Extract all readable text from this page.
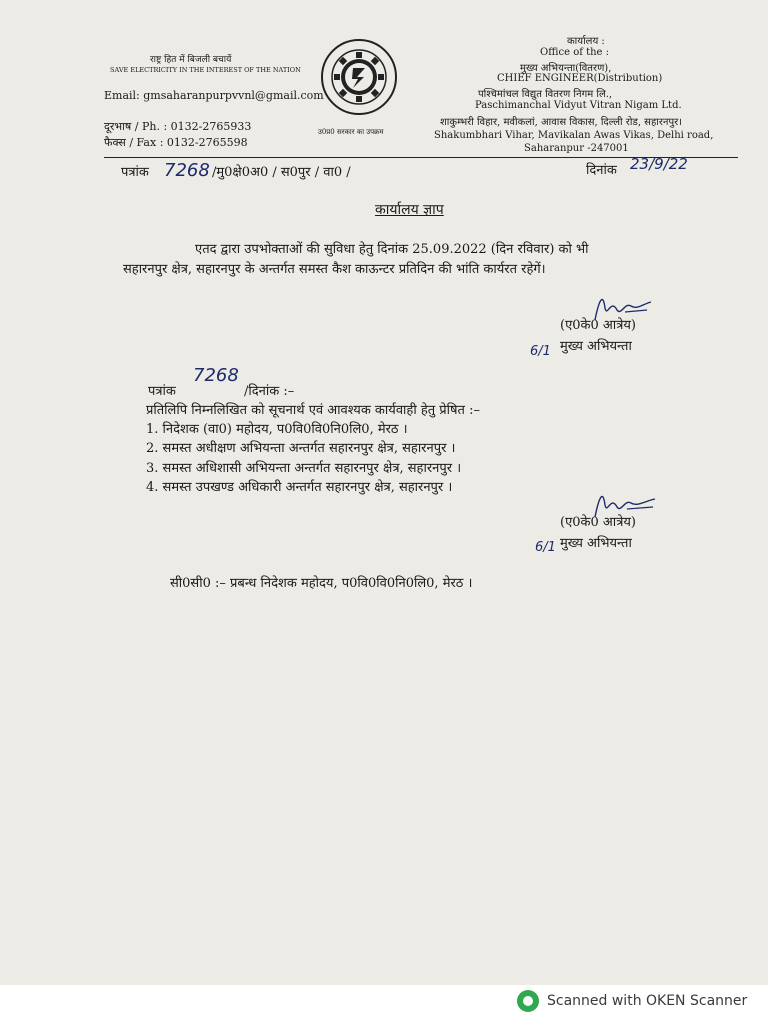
राष्ट्र हित में बिजली बचायें
SAVE ELECTRICITY IN THE INTEREST OF THE NATION
Email: gmsaharanpurpvvnl@gmail.com
दूरभाष / Ph. : 0132-2765933
फैक्स / Fax : 0132-2765598
उ0प्र0 सरकार का उपक्रम
कार्यालय :
Office of the :
मुख्य अभियन्ता(वितरण),
CHIEF ENGINEER(Distribution)
पश्चिमांचल विद्युत वितरण निगम लि.,
Paschimanchal Vidyut Vitran Nigam Ltd.
शाकुम्भरी विहार, मवीकलां, आवास विकास, दिल्ली रोड, सहारनपुर।
Shakumbhari Vihar, Mavikalan Awas Vikas, Delhi road,
Saharanpur -247001
पत्रांक 7268 /मु0क्षे0अ0 / स0पुर / वा0 /	दिनांक 23/9/22
कार्यालय ज्ञाप
एतद द्वारा उपभोक्ताओं की सुविधा हेतु दिनांक 25.09.2022 (दिन रविवार) को भी
सहारनपुर क्षेत्र, सहारनपुर के अन्तर्गत समस्त कैश काऊन्टर प्रतिदिन की भांति कार्यरत रहेगें।
(ए0के0 आत्रेय)
6/1 मुख्य अभियन्ता
पत्रांक
7268
/दिनांक :–
प्रतिलिपि निम्नलिखित को सूचनार्थ एवं आवश्यक कार्यवाही हेतु प्रेषित :–
1. निदेशक (वा0) महोदय, प0वि0वि0नि0लि0, मेरठ ।
2. समस्त अधीक्षण अभियन्ता अन्तर्गत सहारनपुर क्षेत्र, सहारनपुर ।
3. समस्त अधिशासी अभियन्ता अन्तर्गत सहारनपुर क्षेत्र, सहारनपुर ।
4. समस्त उपखण्ड अधिकारी अन्तर्गत सहारनपुर क्षेत्र, सहारनपुर ।
(ए0के0 आत्रेय)
6/1 मुख्य अभियन्ता
सी0सी0 :– प्रबन्ध निदेशक महोदय, प0वि0वि0नि0लि0, मेरठ ।
Scanned with OKEN Scanner
